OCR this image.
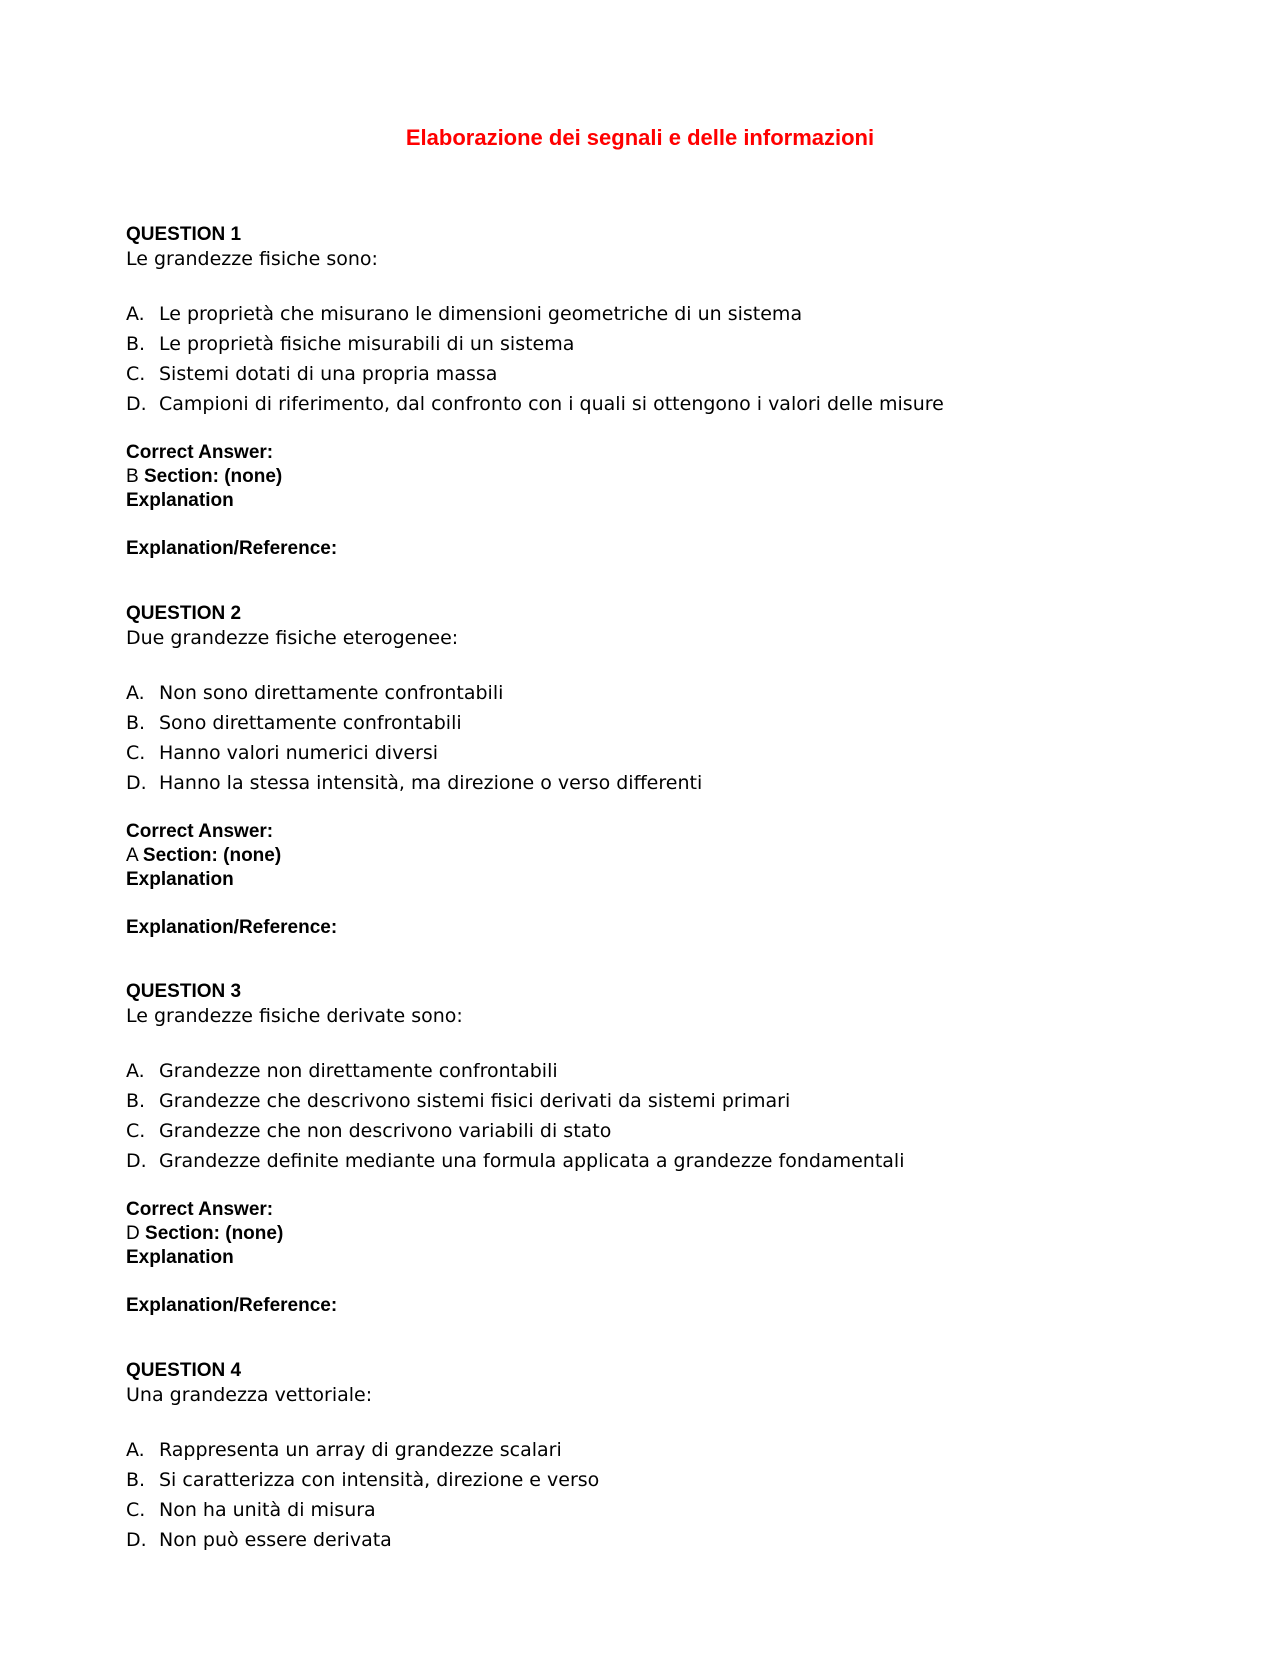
Elaborazione dei segnali e delle informazioni
QUESTION 1
Le grandezze fisiche sono:
A. Le proprietà che misurano le dimensioni geometriche di un sistema
B. Le proprietà fisiche misurabili di un sistema
C. Sistemi dotati di una propria massa
D. Campioni di riferimento, dal confronto con i quali si ottengono i valori delle misure
Correct Answer:
B Section: (none)
Explanation
Explanation/Reference:
QUESTION 2
Due grandezze fisiche eterogenee:
A. Non sono direttamente confrontabili
B. Sono direttamente confrontabili
C. Hanno valori numerici diversi
D. Hanno la stessa intensità, ma direzione o verso differenti
Correct Answer:
A Section: (none)
Explanation
Explanation/Reference:
QUESTION 3
Le grandezze fisiche derivate sono:
A. Grandezze non direttamente confrontabili
B. Grandezze che descrivono sistemi fisici derivati da sistemi primari
C. Grandezze che non descrivono variabili di stato
D. Grandezze definite mediante una formula applicata a grandezze fondamentali
Correct Answer:
D Section: (none)
Explanation
Explanation/Reference:
QUESTION 4
Una grandezza vettoriale:
A. Rappresenta un array di grandezze scalari
B. Si caratterizza con intensità, direzione e verso
C. Non ha unità di misura
D. Non può essere derivata
